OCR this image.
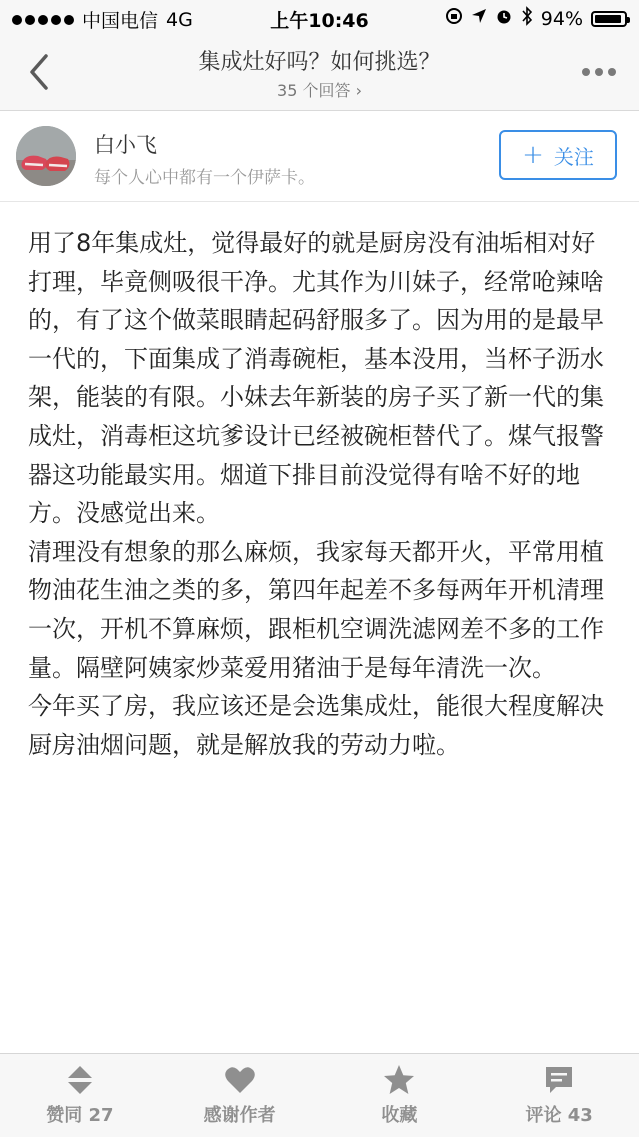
中国电信 4G	上午10:46	94%
集成灶好吗？如何挑选？
35 个回答 ›
白小飞
每个人心中都有一个伊萨卡。
+ 关注

用了8年集成灶，觉得最好的就是厨房没有油垢相对好打理，毕竟侧吸很干净。尤其作为川妹子，经常呛辣啥的，有了这个做菜眼睛起码舒服多了。因为用的是最早一代的，下面集成了消毒碗柜，基本没用，当杯子沥水架，能装的有限。小妹去年新装的房子买了新一代的集成灶，消毒柜这坑爹设计已经被碗柜替代了。煤气报警器这功能最实用。烟道下排目前没觉得有啥不好的地方。没感觉出来。

清理没有想象的那么麻烦，我家每天都开火，平常用植物油花生油之类的多，第四年起差不多每两年开机清理一次，开机不算麻烦，跟柜机空调洗滤网差不多的工作量。隔壁阿姨家炒菜爱用猪油于是每年清洗一次。

今年买了房，我应该还是会选集成灶，能很大程度解决厨房油烟问题，就是解放我的劳动力啦。

赞同 27	感谢作者	收藏	评论 43
